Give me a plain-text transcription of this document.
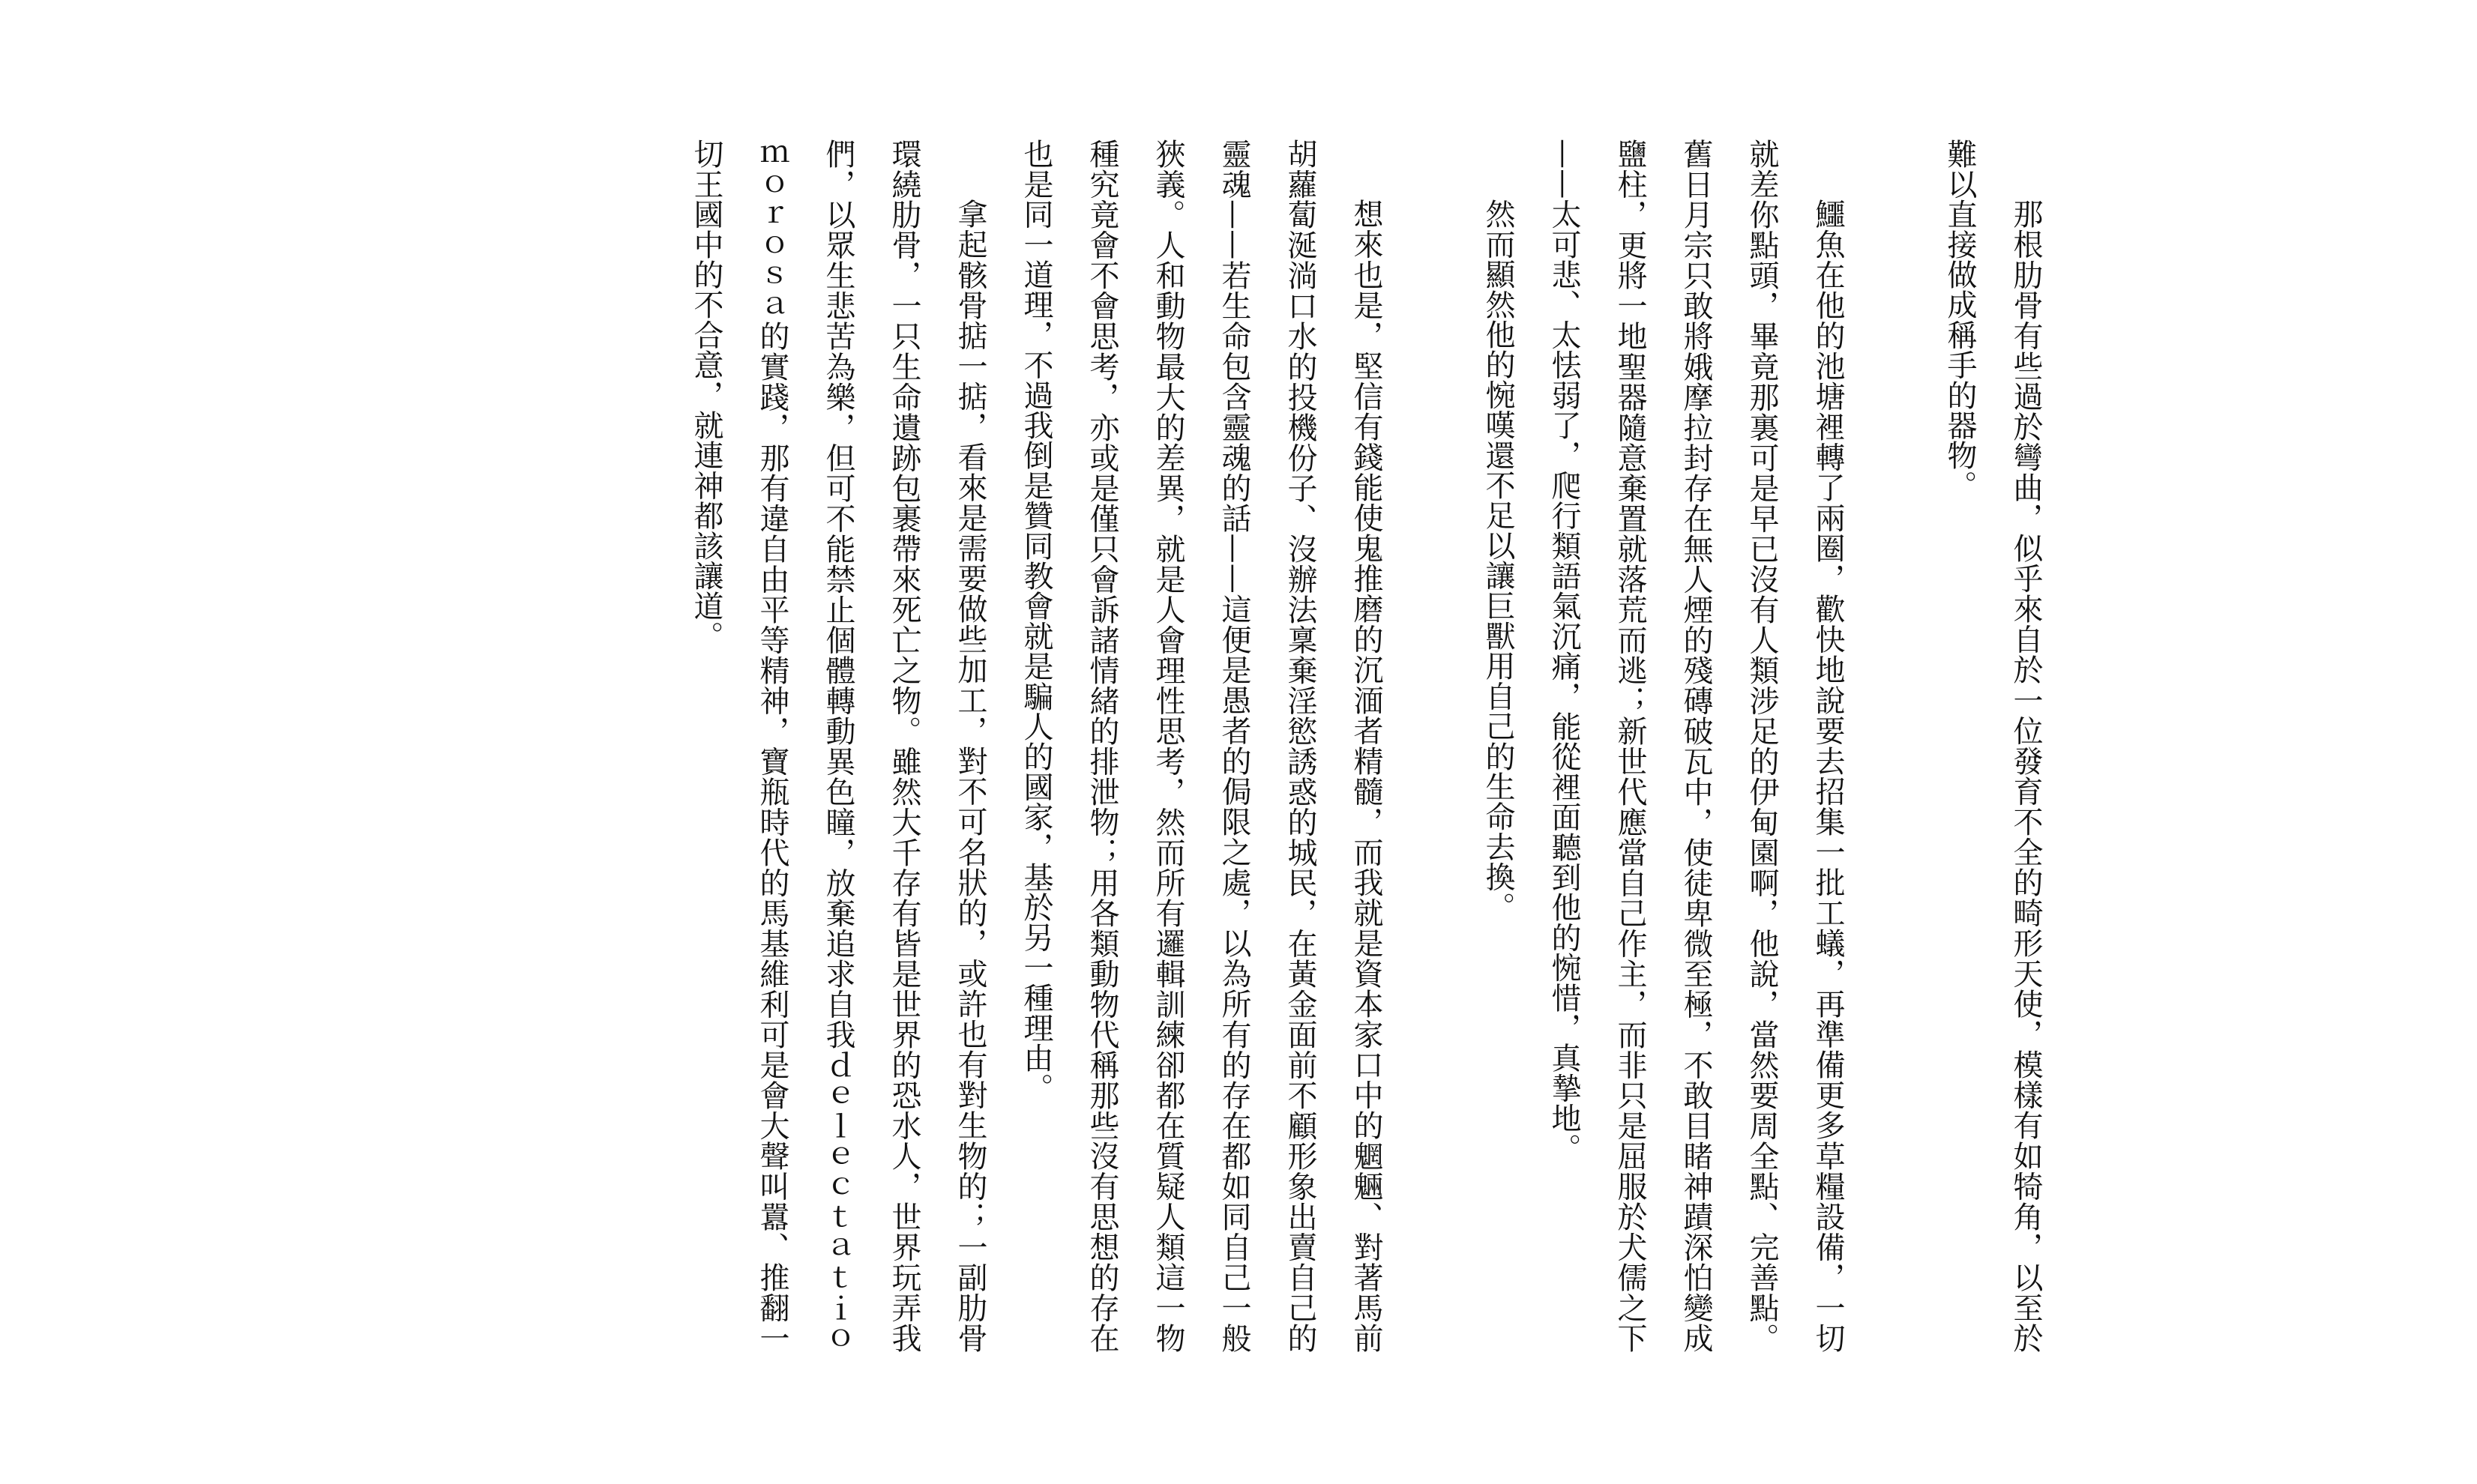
那根肋骨有些過於彎曲，似乎來自於一位發育不全的畸形天使，模樣有如犄角，以至於難以直接做成稱手的器物。

鱷魚在他的池塘裡轉了兩圈，歡快地說要去招集一批工蟻，再準備更多草糧設備，一切就差你點頭，畢竟那裏可是早已沒有人類涉足的伊甸園啊，他說，當然要周全點、完善點。舊日月宗只敢將娥摩拉封存在無人煙的殘磚破瓦中，使徒卑微至極，不敢目睹神蹟深怕變成鹽柱，更將一地聖器隨意棄置就落荒而逃；新世代應當自己作主，而非只是屈服於犬儒之下——太可悲、太怯弱了，爬行類語氣沉痛，能從裡面聽到他的惋惜，真摯地。

然而顯然他的惋嘆還不足以讓巨獸用自己的生命去換。

想來也是，堅信有錢能使鬼推磨的沉湎者精髓，而我就是資本家口中的魍魎、對著馬前胡蘿蔔涎淌口水的投機份子、沒辦法稟棄淫慾誘惑的城民，在黃金面前不顧形象出賣自己的靈魂——若生命包含靈魂的話——這便是愚者的侷限之處，以為所有的存在都如同自己一般狹義。人和動物最大的差異，就是人會理性思考，然而所有邏輯訓練卻都在質疑人類這一物種究竟會不會思考，亦或是僅只會訴諸情緒的排泄物；用各類動物代稱那些沒有思想的存在也是同一道理，不過我倒是贊同教會就是騙人的國家，基於另一種理由。

拿起骸骨掂一掂，看來是需要做些加工，對不可名狀的，或許也有對生物的；一副肋骨環繞肋骨，一只生命遺跡包裹帶來死亡之物。雖然大千存有皆是世界的恐水人，世界玩弄我們，以眾生悲苦為樂，但可不能禁止個體轉動異色瞳，放棄追求自我ｄｅｌｅｃｔａｔｉｏ　ｍｏｒｏｓａ的實踐，那有違自由平等精神，寶瓶時代的馬基維利可是會大聲叫囂、推翻一切王國中的不合意，就連神都該讓道。
